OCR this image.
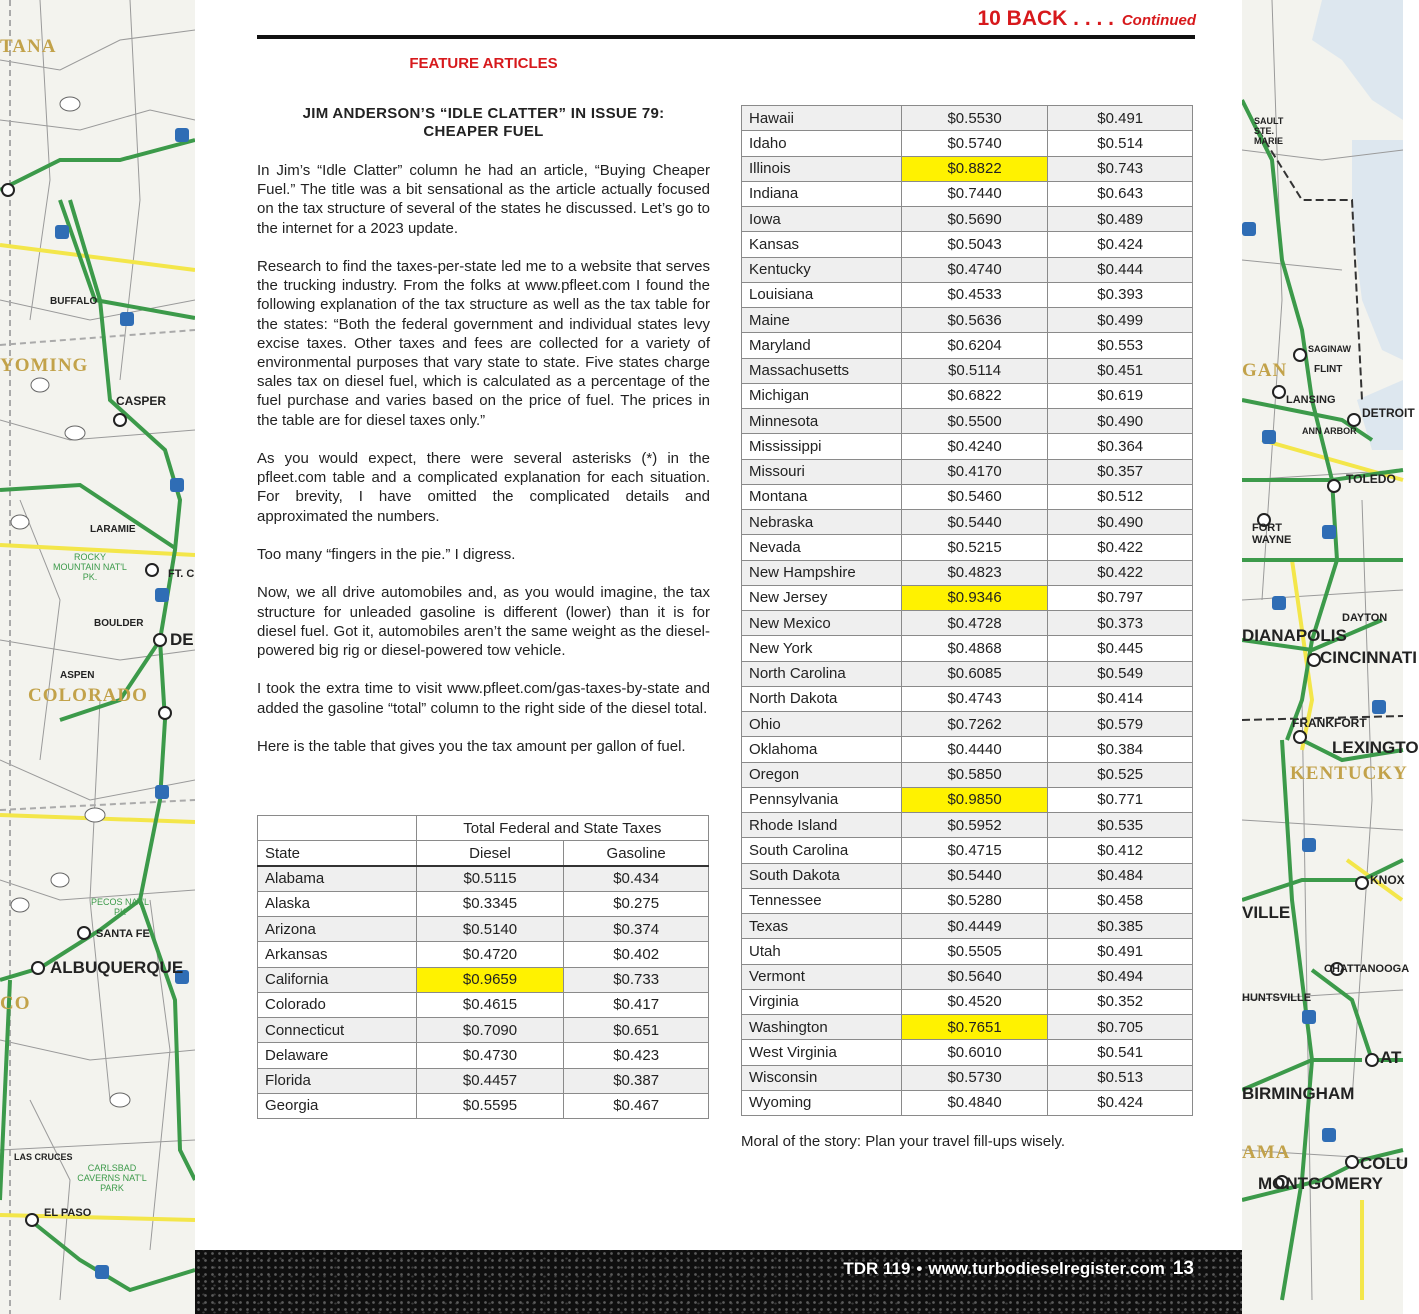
TANA
BUFFALO
YOMING
CASPER
LARAMIE
FT. C
BOULDER
DE
COLORADO
ASPEN
SANTA FE
ALBUQUERQUE
CO
LAS CRUCES
EL PASO
ROCKY MOUNTAIN NAT'L PK.
CARLSBAD CAVERNS NAT'L PARK
PECOS NAT'L PK
SAULT STE. MARIE
GAN
SAGINAW
FLINT
LANSING
ANN ARBOR
DETROIT
TOLEDO
FORT WAYNE
DIANAPOLIS
CINCINNATI
DAYTON
FRANKFORT
LEXINGTO
KENTUCKY
KNOX
VILLE
CHATTANOOGA
HUNTSVILLE
AT
BIRMINGHAM
AMA
COLU
MONTGOMERY
10 BACK . . . . Continued
FEATURE ARTICLES
JIM ANDERSON’S “IDLE CLATTER” IN ISSUE 79:
CHEAPER FUEL

In Jim’s “Idle Clatter” column he had an article, “Buying Cheaper Fuel.” The title was a bit sensational as the article actually focused on the tax structure of several of the states he discussed. Let’s go to the internet for a 2023 update.

Research to find the taxes-per-state led me to a website that serves the trucking industry. From the folks at www.pfleet.com I found the following explanation of the tax structure as well as the tax table for the states: “Both the federal government and individual states levy excise taxes. Other taxes and fees are collected for a variety of environmental purposes that vary state to state. Five states charge sales tax on diesel fuel, which is calculated as a percentage of the fuel purchase and varies based on the price of fuel. The prices in the table are for diesel taxes only.”

As you would expect, there were several asterisks (*) in the pfleet.com table and a complicated explanation for each situation. For brevity, I have omitted the complicated details and approximated the numbers.

Too many “fingers in the pie.” I digress.

Now, we all drive automobiles and, as you would imagine, the tax structure for unleaded gasoline is different (lower) than it is for diesel fuel. Got it, automobiles aren’t the same weight as the diesel-powered big rig or diesel-powered tow vehicle.

I took the extra time to visit www.pfleet.com/gas-taxes-by-state and added the gasoline “total” column to the right side of the diesel total.

Here is the table that gives you the tax amount per gallon of fuel.

	Total Federal and State Taxes	
State	Diesel	Gasoline
Alabama	$0.5115	$0.434
Alaska	$0.3345	$0.275
Arizona	$0.5140	$0.374
Arkansas	$0.4720	$0.402
California	$0.9659	$0.733
Colorado	$0.4615	$0.417
Connecticut	$0.7090	$0.651
Delaware	$0.4730	$0.423
Florida	$0.4457	$0.387
Georgia	$0.5595	$0.467
Hawaii	$0.5530	$0.491
Idaho	$0.5740	$0.514
Illinois	$0.8822	$0.743
Indiana	$0.7440	$0.643
Iowa	$0.5690	$0.489
Kansas	$0.5043	$0.424
Kentucky	$0.4740	$0.444
Louisiana	$0.4533	$0.393
Maine	$0.5636	$0.499
Maryland	$0.6204	$0.553
Massachusetts	$0.5114	$0.451
Michigan	$0.6822	$0.619
Minnesota	$0.5500	$0.490
Mississippi	$0.4240	$0.364
Missouri	$0.4170	$0.357
Montana	$0.5460	$0.512
Nebraska	$0.5440	$0.490
Nevada	$0.5215	$0.422
New Hampshire	$0.4823	$0.422
New Jersey	$0.9346	$0.797
New Mexico	$0.4728	$0.373
New York	$0.4868	$0.445
North Carolina	$0.6085	$0.549
North Dakota	$0.4743	$0.414
Ohio	$0.7262	$0.579
Oklahoma	$0.4440	$0.384
Oregon	$0.5850	$0.525
Pennsylvania	$0.9850	$0.771
Rhode Island	$0.5952	$0.535
South Carolina	$0.4715	$0.412
South Dakota	$0.5440	$0.484
Tennessee	$0.5280	$0.458
Texas	$0.4449	$0.385
Utah	$0.5505	$0.491
Vermont	$0.5640	$0.494
Virginia	$0.4520	$0.352
Washington	$0.7651	$0.705
West Virginia	$0.6010	$0.541
Wisconsin	$0.5730	$0.513
Wyoming	$0.4840	$0.424
Moral of the story: Plan your travel fill-ups wisely.
TDR 119 • www.turbodieselregister.com 13
